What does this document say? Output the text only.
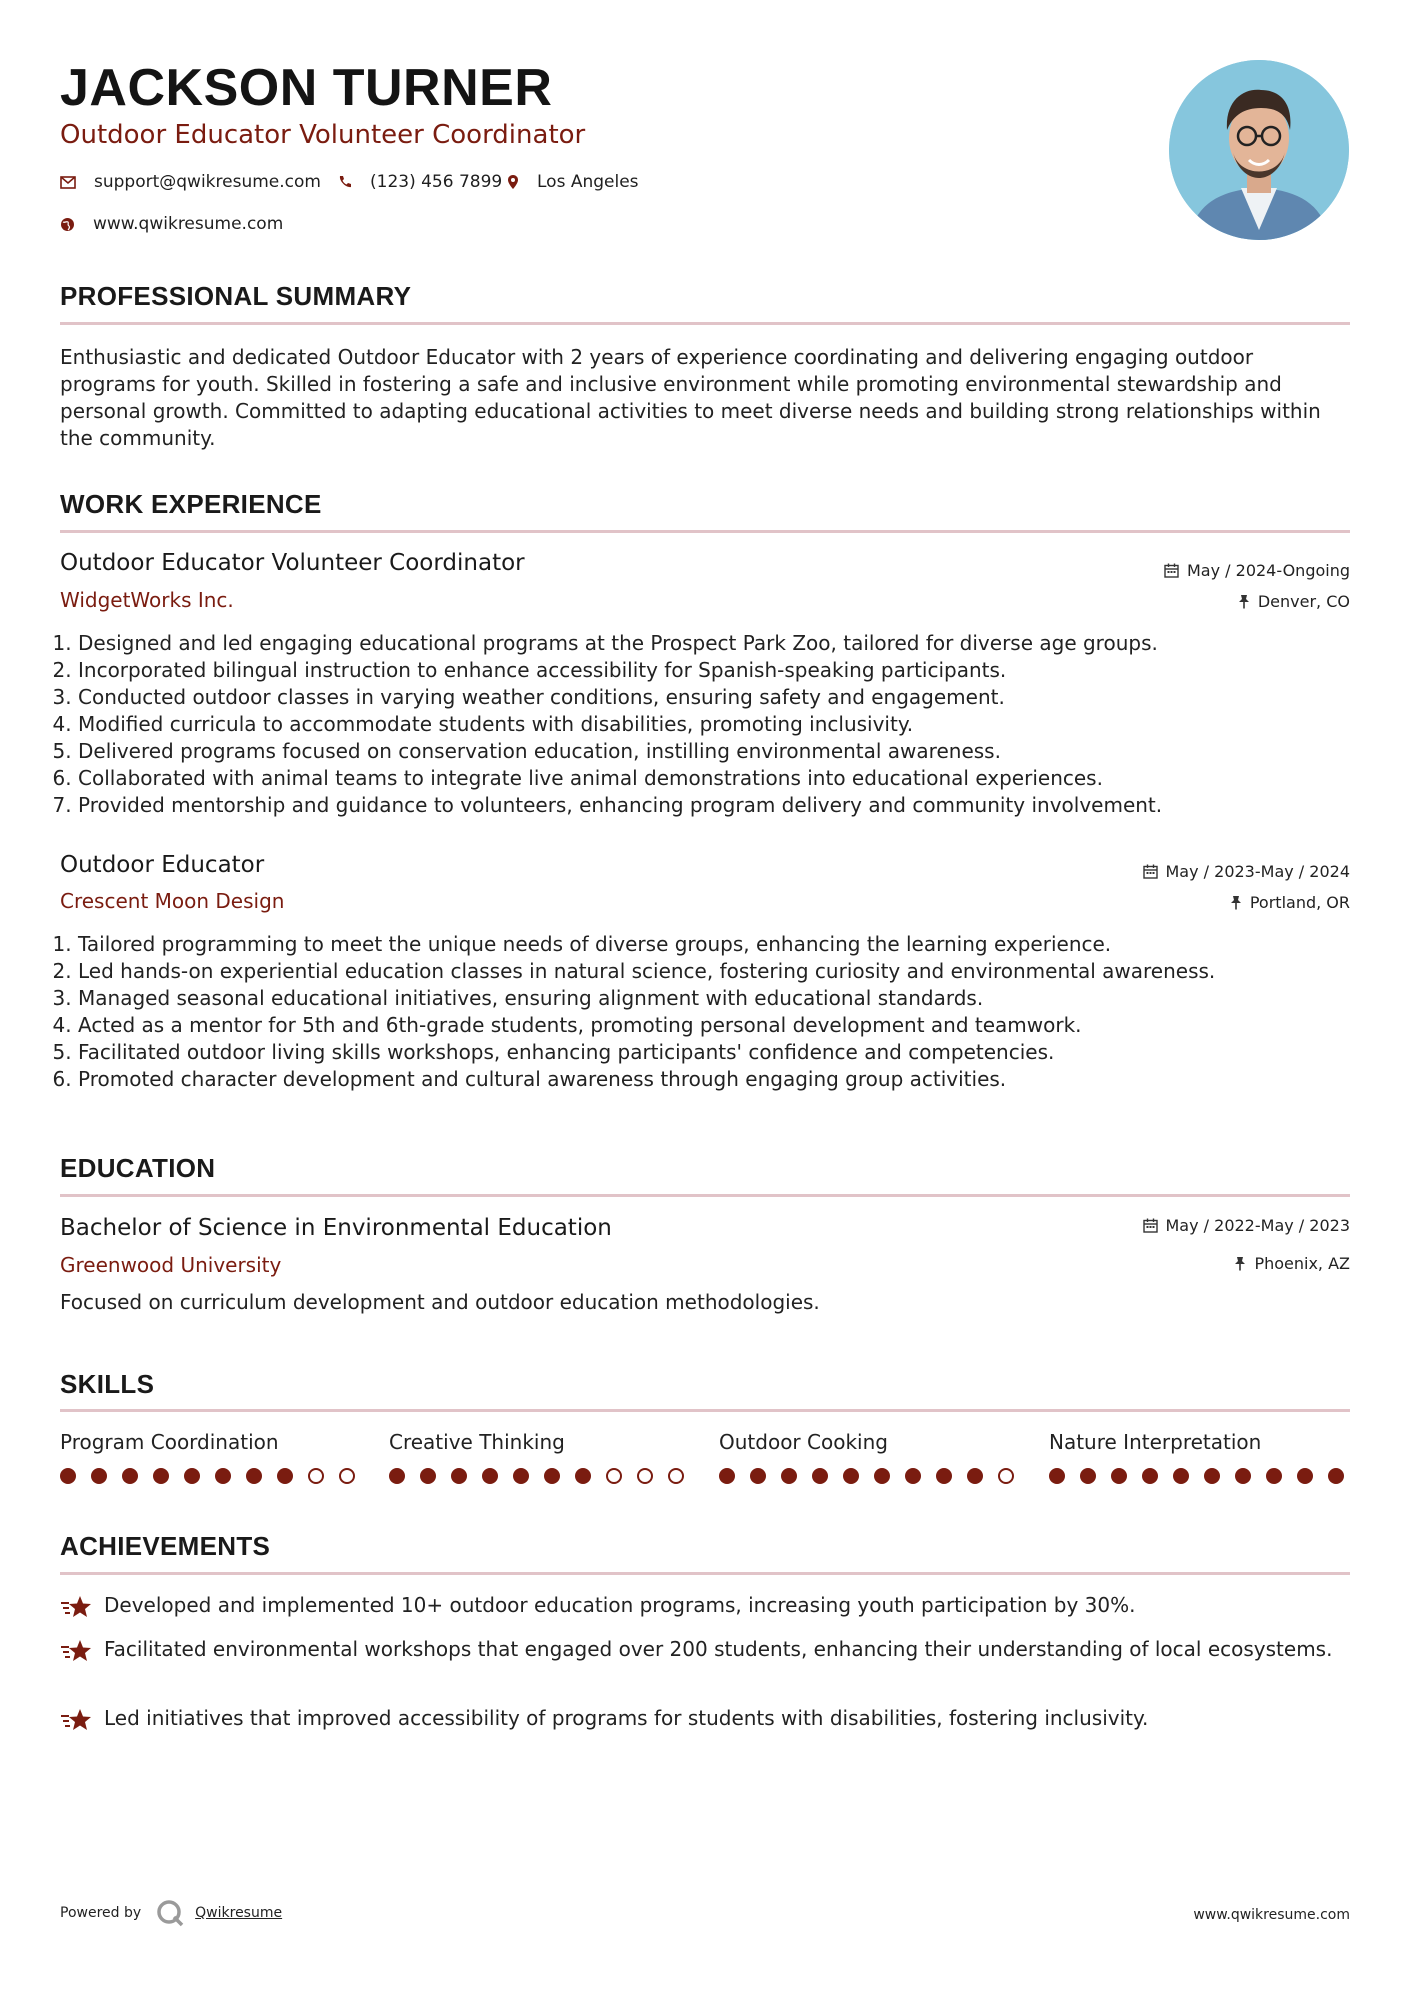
JACKSON TURNER
Outdoor Educator Volunteer Coordinator
support@qwikresume.com	(123) 456 7899 Los Angeles
www.qwikresume.com
PROFESSIONAL SUMMARY
Enthusiastic and dedicated Outdoor Educator with 2 years of experience coordinating and delivering engaging outdoor programs for youth. Skilled in fostering a safe and inclusive environment while promoting environmental stewardship and personal growth. Committed to adapting educational activities to meet diverse needs and building strong relationships within the community.
WORK EXPERIENCE
Outdoor Educator Volunteer Coordinator	May / 2024-Ongoing
WidgetWorks Inc.	Denver, CO
1. Designed and led engaging educational programs at the Prospect Park Zoo, tailored for diverse age groups.
2. Incorporated bilingual instruction to enhance accessibility for Spanish-speaking participants.
3. Conducted outdoor classes in varying weather conditions, ensuring safety and engagement.
4. Modified curricula to accommodate students with disabilities, promoting inclusivity.
5. Delivered programs focused on conservation education, instilling environmental awareness.
6. Collaborated with animal teams to integrate live animal demonstrations into educational experiences.
7. Provided mentorship and guidance to volunteers, enhancing program delivery and community involvement.
Outdoor Educator	May / 2023-May / 2024
Crescent Moon Design	Portland, OR
1. Tailored programming to meet the unique needs of diverse groups, enhancing the learning experience.
2. Led hands-on experiential education classes in natural science, fostering curiosity and environmental awareness.
3. Managed seasonal educational initiatives, ensuring alignment with educational standards.
4. Acted as a mentor for 5th and 6th-grade students, promoting personal development and teamwork.
5. Facilitated outdoor living skills workshops, enhancing participants' confidence and competencies.
6. Promoted character development and cultural awareness through engaging group activities.
EDUCATION
Bachelor of Science in Environmental Education	May / 2022-May / 2023
Greenwood University	Phoenix, AZ
Focused on curriculum development and outdoor education methodologies.
SKILLS
Program Coordination	Creative Thinking	Outdoor Cooking	Nature Interpretation
ACHIEVEMENTS
Developed and implemented 10+ outdoor education programs, increasing youth participation by 30%.
Facilitated environmental workshops that engaged over 200 students, enhancing their understanding of local ecosystems.
Led initiatives that improved accessibility of programs for students with disabilities, fostering inclusivity.
Powered by	Qwikresume	www.qwikresume.com
